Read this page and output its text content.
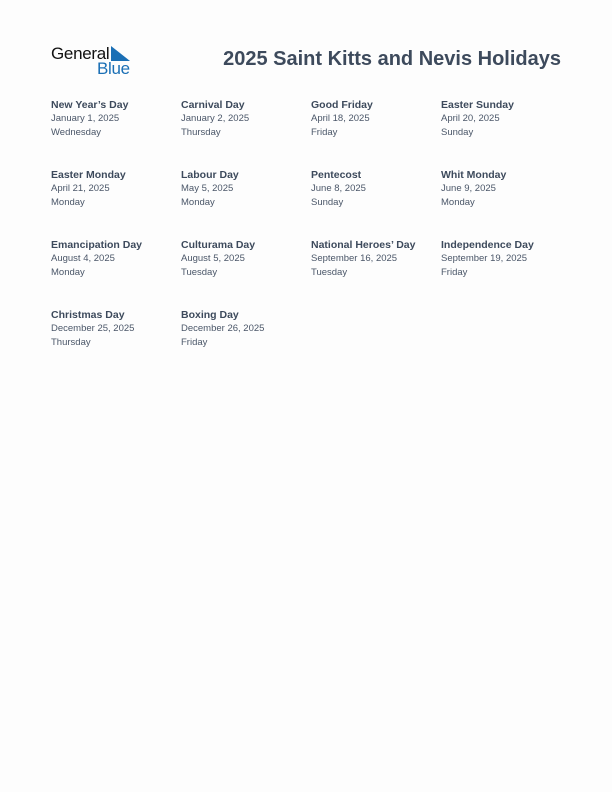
General
Blue	2025 Saint Kitts and Nevis Holidays
New Year’s Day
January 1, 2025
Wednesday
Carnival Day
January 2, 2025
Thursday
Good Friday
April 18, 2025
Friday
Easter Sunday
April 20, 2025
Sunday
Easter Monday
April 21, 2025
Monday
Labour Day
May 5, 2025
Monday
Pentecost
June 8, 2025
Sunday
Whit Monday
June 9, 2025
Monday
Emancipation Day
August 4, 2025
Monday
Culturama Day
August 5, 2025
Tuesday
National Heroes’ Day
September 16, 2025
Tuesday
Independence Day
September 19, 2025
Friday
Christmas Day
December 25, 2025
Thursday
Boxing Day
December 26, 2025
Friday
